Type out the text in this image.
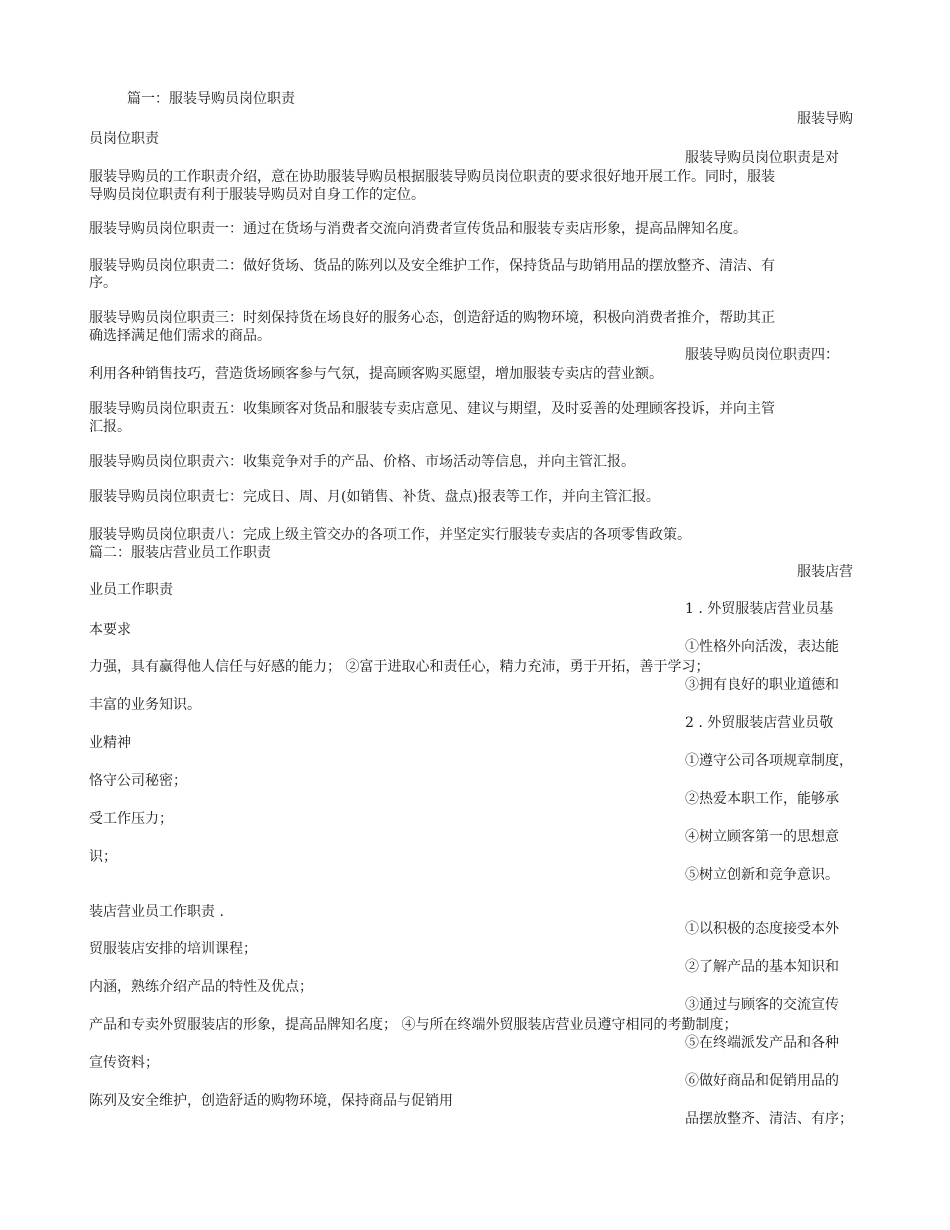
篇一：服装导购员岗位职责
服装导购
员岗位职责
服装导购员岗位职责是对
服装导购员的工作职责介绍，意在协助服装导购员根据服装导购员岗位职责的要求很好地开展工作。同时，服装
导购员岗位职责有利于服装导购员对自身工作的定位。
服装导购员岗位职责一：通过在货场与消费者交流向消费者宣传货品和服装专卖店形象，提高品牌知名度。
服装导购员岗位职责二：做好货场、货品的陈列以及安全维护工作，保持货品与助销用品的摆放整齐、清洁、有
序。
服装导购员岗位职责三：时刻保持货在场良好的服务心态，创造舒适的购物环境，积极向消费者推介，帮助其正
确选择满足他们需求的商品。
服装导购员岗位职责四：
利用各种销售技巧，营造货场顾客参与气氛，提高顾客购买愿望，增加服装专卖店的营业额。
服装导购员岗位职责五：收集顾客对货品和服装专卖店意见、建议与期望，及时妥善的处理顾客投诉，并向主管
汇报。
服装导购员岗位职责六：收集竞争对手的产品、价格、市场活动等信息，并向主管汇报。
服装导购员岗位职责七：完成日、周、月(如销售、补货、盘点)报表等工作，并向主管汇报。
服装导购员岗位职责八：完成上级主管交办的各项工作，并坚定实行服装专卖店的各项零售政策。
篇二：服装店营业员工作职责
服装店营
业员工作职责
1 . 外贸服装店营业员基
本要求
①性格外向活泼，表达能
力强，具有赢得他人信任与好感的能力； ②富于进取心和责任心，精力充沛，勇于开拓，善于学习；
③拥有良好的职业道德和
丰富的业务知识。
2 . 外贸服装店营业员敬
业精神
①遵守公司各项规章制度，
恪守公司秘密；
②热爱本职工作，能够承
受工作压力；
④树立顾客第一的思想意
识；
⑤树立创新和竞争意识。
装店营业员工作职责 .
①以积极的态度接受本外
贸服装店安排的培训课程；
②了解产品的基本知识和
内涵，熟练介绍产品的特性及优点；
③通过与顾客的交流宣传
产品和专卖外贸服装店的形象，提高品牌知名度； ④与所在终端外贸服装店营业员遵守相同的考勤制度；
⑤在终端派发产品和各种
宣传资料；
⑥做好商品和促销用品的
陈列及安全维护，创造舒适的购物环境，保持商品与促销用
品摆放整齐、清洁、有序；
